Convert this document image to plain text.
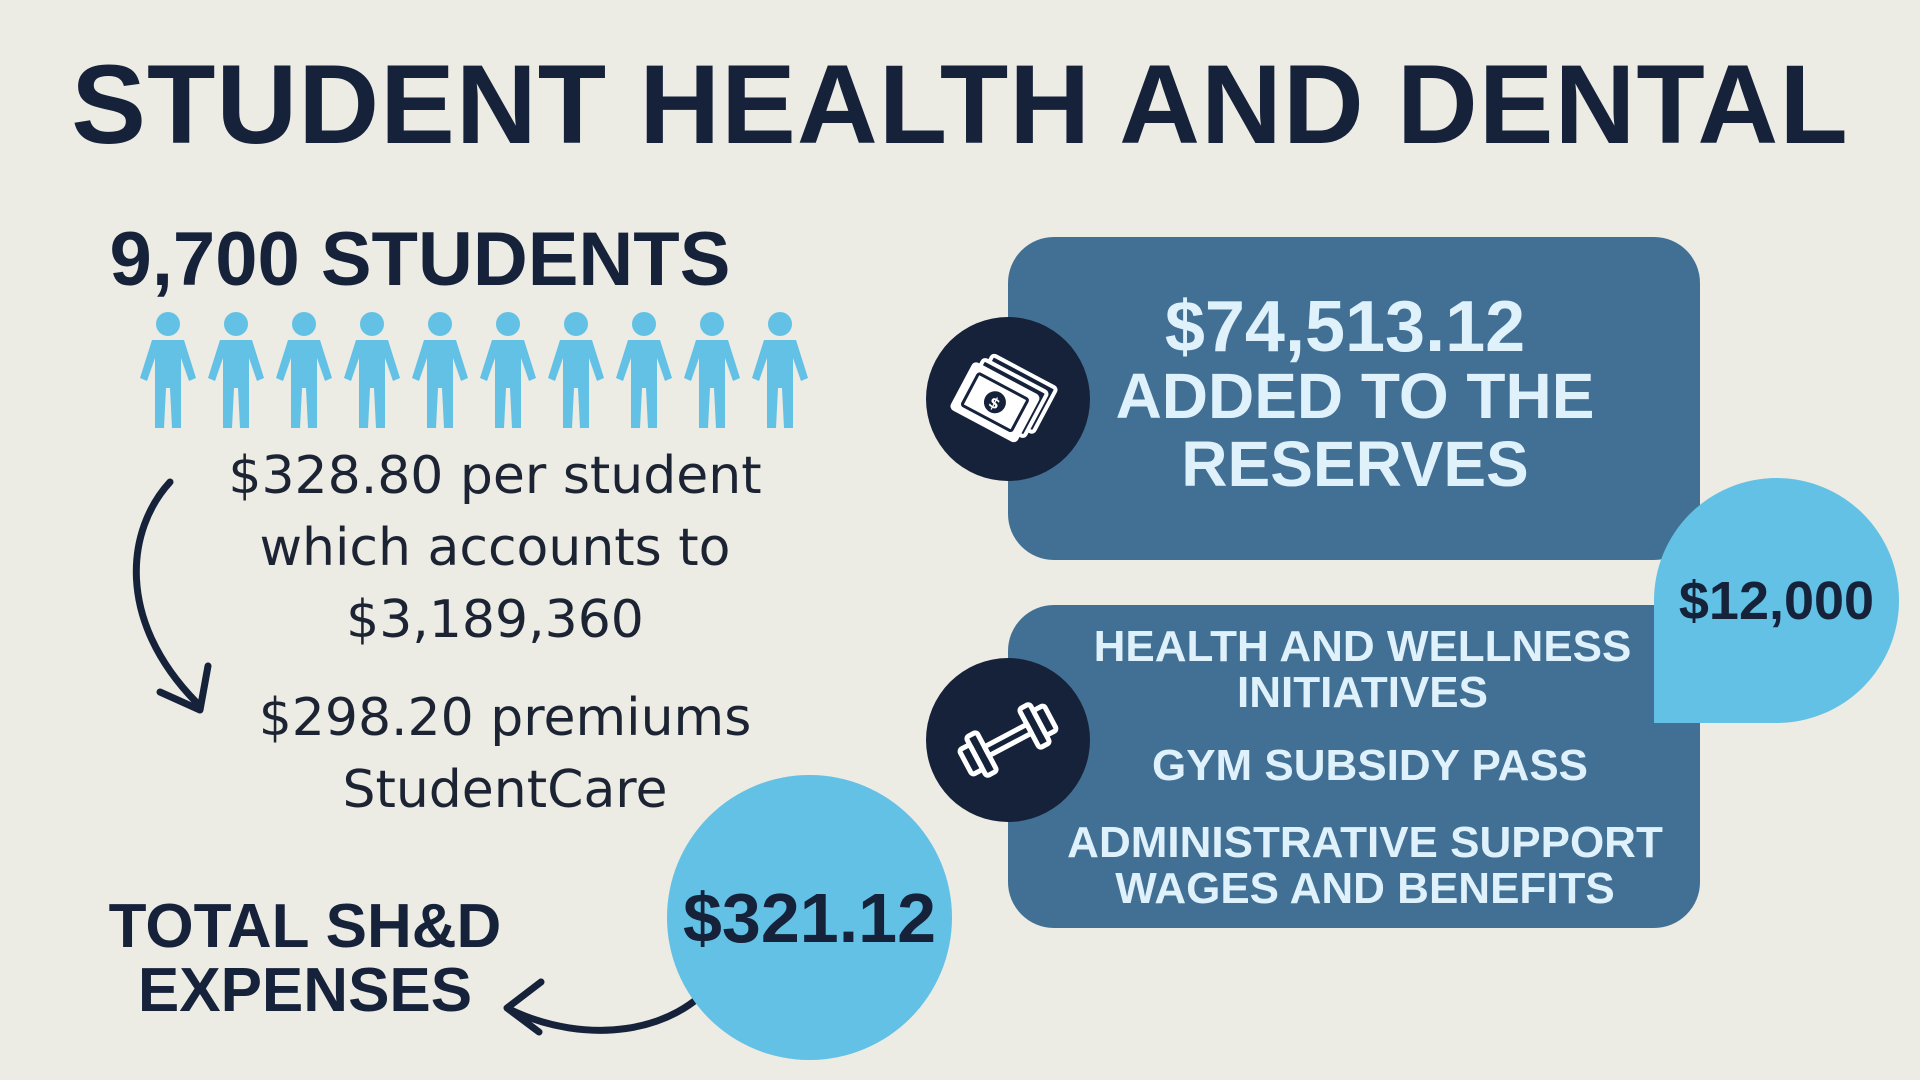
STUDENT HEALTH AND DENTAL
9,700 STUDENTS
$328.80 per student
which accounts to
$3,189,360
$298.20 premiums
StudentCare
TOTAL SH&D
EXPENSES
$321.12
$74,513.12
ADDED TO THE
RESERVES
$
HEALTH AND WELLNESS
INITIATIVES
GYM SUBSIDY PASS
ADMINISTRATIVE SUPPORT
WAGES AND BENEFITS
$12,000
